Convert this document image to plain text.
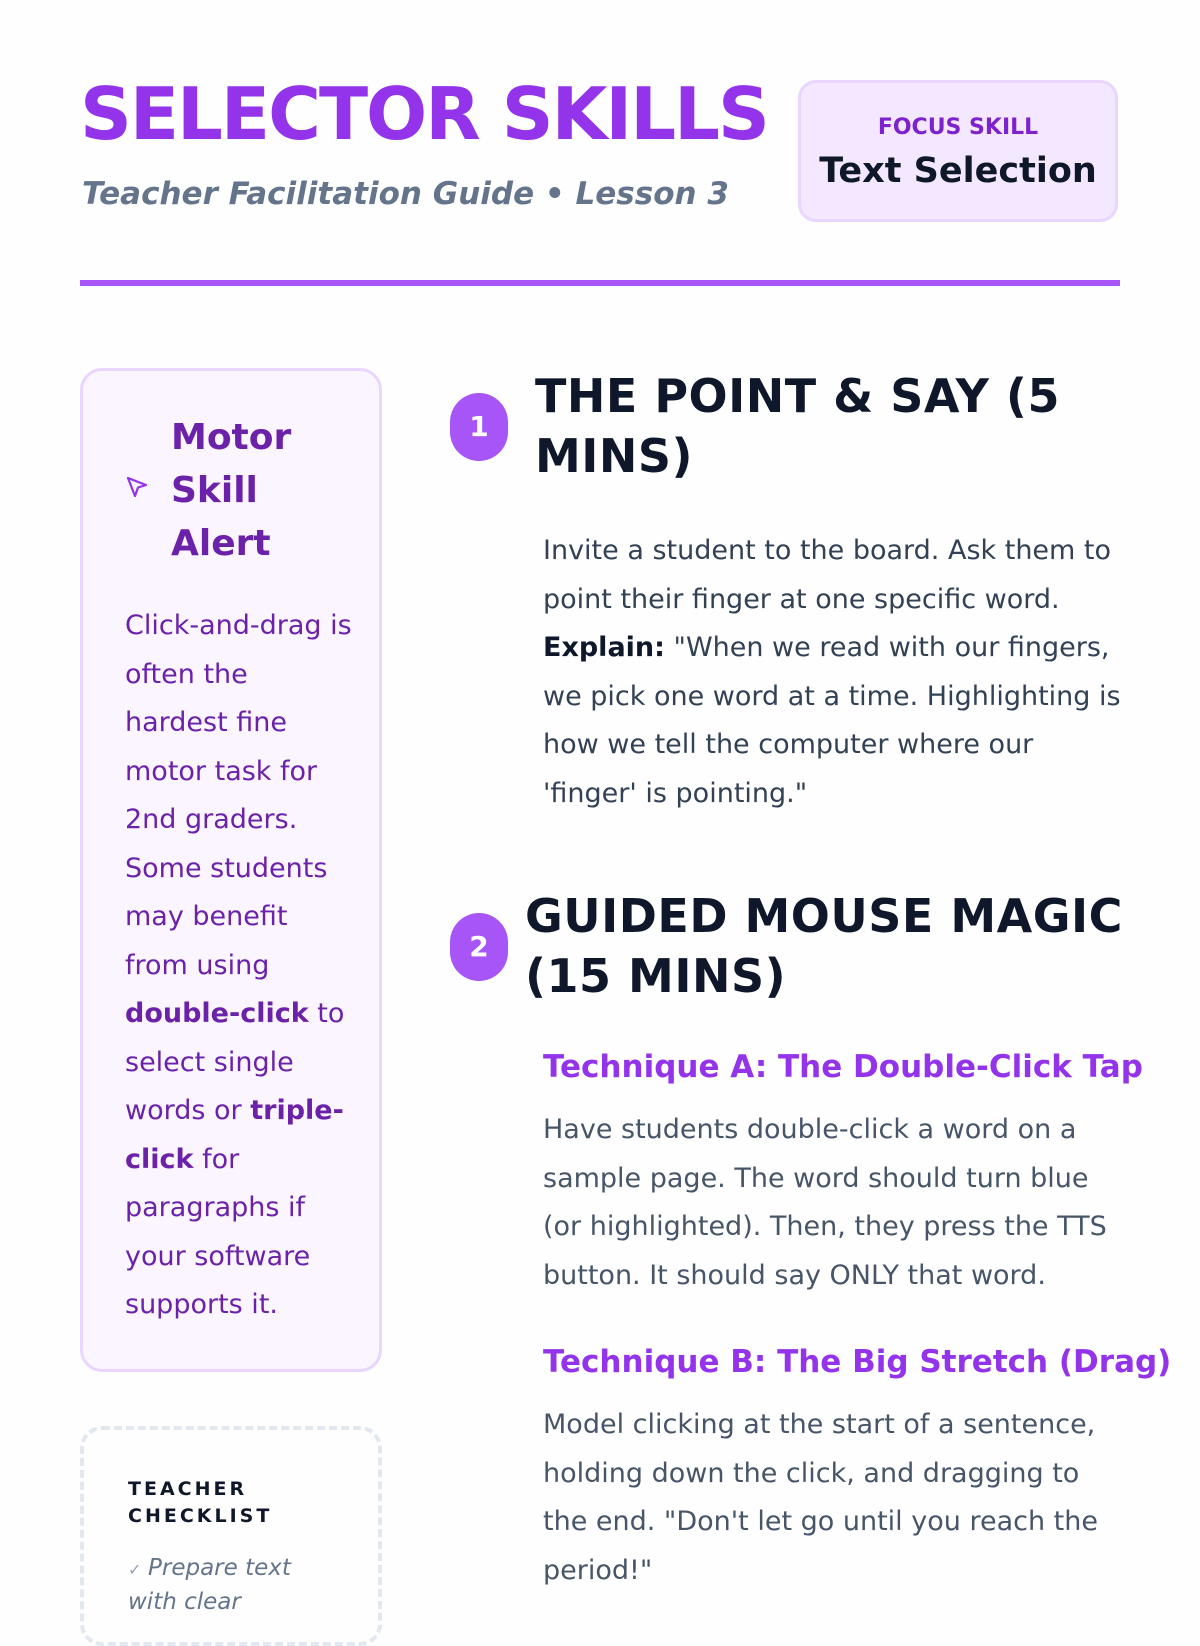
SELECTOR SKILLS

Teacher Facilitation Guide • Lesson 3

FOCUS SKILL
Text Selection
Motor Skill Alert
Click-and-drag is often the hardest fine motor task for 2nd graders. Some students may benefit from using double-click to select single words or triple-click for paragraphs if your software supports it.
TEACHER CHECKLIST
✓ Prepare text with clear
1
THE POINT & SAY (5 MINS)

Invite a student to the board. Ask them to point their finger at one specific word. Explain: "When we read with our fingers, we pick one word at a time. Highlighting is how we tell the computer where our 'finger' is pointing."

2
GUIDED MOUSE MAGIC (15 MINS)
Technique A: The Double-Click Tap

Have students double-click a word on a sample page. The word should turn blue (or highlighted). Then, they press the TTS button. It should say ONLY that word.

Technique B: The Big Stretch (Drag)

Model clicking at the start of a sentence, holding down the click, and dragging to the end. "Don't let go until you reach the period!"
